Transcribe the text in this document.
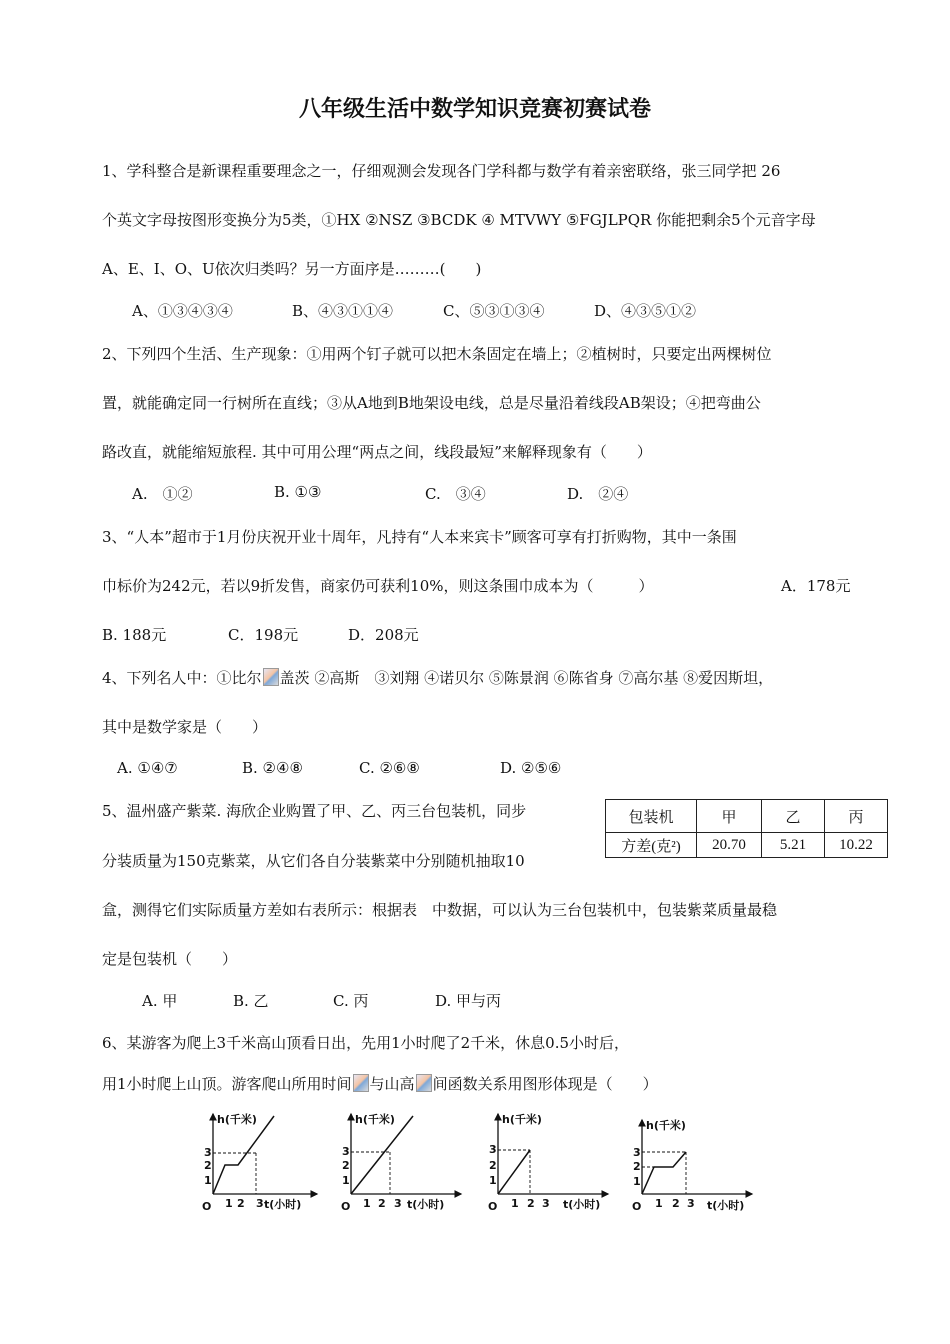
八年级生活中数学知识竞赛初赛试卷
1、学科整合是新课程重要理念之一，仔细观测会发现各门学科都与数学有着亲密联络，张三同学把 26
个英文字母按图形变换分为5类，①HX ②NSZ ③BCDK ④ MTVWY ⑤FGJLPQR 你能把剩余5个元音字母
A、E、I、O、U依次归类吗？另一方面序是………(　　)
A、①③④③④	B、④③①①④	C、⑤③①③④	D、④③⑤①②
2、下列四个生活、生产现象：①用两个钉子就可以把木条固定在墙上；②植树时，只要定出两棵树位
置，就能确定同一行树所在直线；③从A地到B地架设电线，总是尽量沿着线段AB架设；④把弯曲公
路改直，就能缩短旅程. 其中可用公理“两点之间，线段最短”来解释现象有（　　）
A.　①②	B. ①③	C.　③④	D.　②④
3、“人本”超市于1月份庆祝开业十周年，凡持有“人本来宾卡”顾客可享有打折购物，其中一条围
巾标价为242元，若以9折发售，商家仍可获利10%，则这条围巾成本为（　　　）	A．178元
B. 188元	C．198元	D．208元
4、下列名人中：①比尔 盖茨 ②高斯　③刘翔 ④诺贝尔 ⑤陈景润 ⑥陈省身 ⑦高尔基 ⑧爱因斯坦，
其中是数学家是（　　）
A. ①④⑦	B. ②④⑧	C. ②⑥⑧	D. ②⑤⑥
5、温州盛产紫菜. 海欣企业购置了甲、乙、丙三台包装机，同步
分装质量为150克紫菜，从它们各自分装紫菜中分别随机抽取10
盒，测得它们实际质量方差如右表所示：根据表　中数据，可以认为三台包装机中，包装紫菜质量最稳
定是包装机（　　）
包装机	甲	乙	丙
方差(克²)	20.70	5.21	10.22
A. 甲	B. 乙	C. 丙	D. 甲与丙
6、某游客为爬上3千米高山顶看日出，先用1小时爬了2千米，休息0.5小时后，
用1小时爬上山顶。游客爬山所用时间 与山高 间函数关系用图形体现是（　　）
h(千米)
t(小时)
O
3
2
1
1 2 3
h(千米)
t(小时)
O
3
2
1
1 2 3
h(千米)
t(小时)
O
3
2
1
1 2 3
h(千米)
t(小时)
O
3
2
1
1 2 3
